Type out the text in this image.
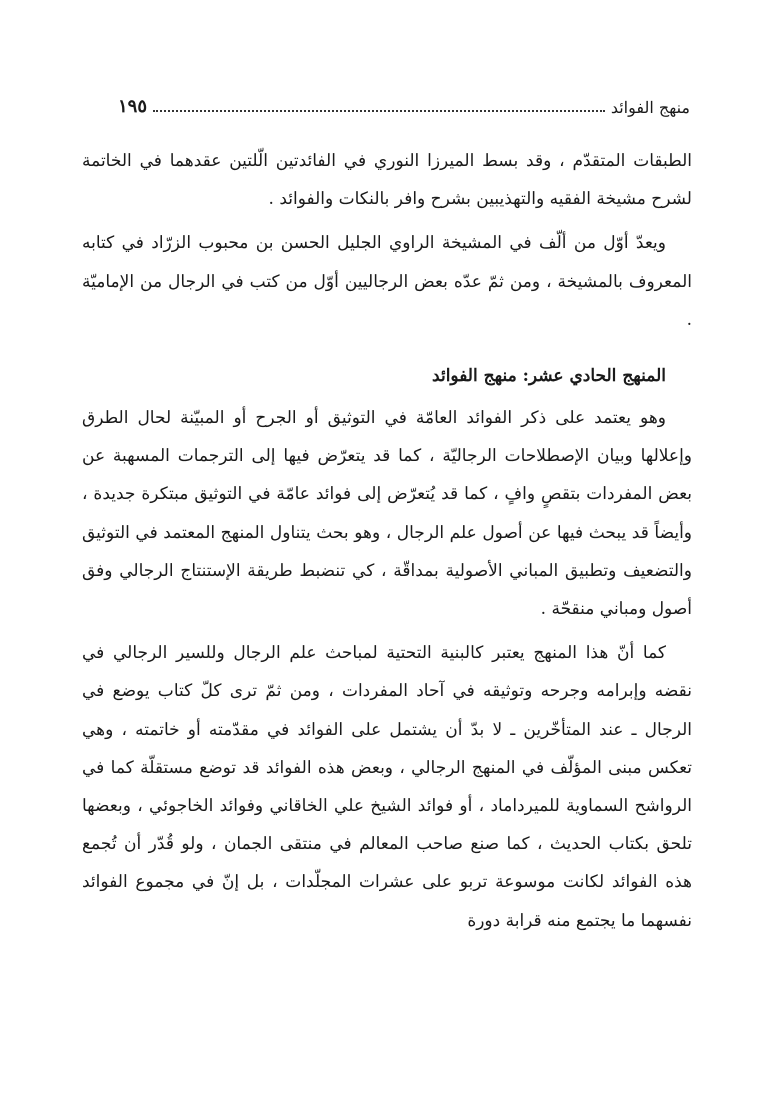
منهج الفوائد
١٩٥

الطبقات المتقدّم ، وقد بسط الميرزا النوري في الفائدتين الّلتين عقدهما في الخاتمة لشرح مشيخة الفقيه والتهذيبين بشرح وافر بالنكات والفوائد .

ويعدّ أوّل من ألّف في المشيخة الراوي الجليل الحسن بن محبوب الزرّاد في كتابه المعروف بالمشيخة ، ومن ثمّ عدّه بعض الرجاليين أوّل من كتب في الرجال من الإماميّة .

المنهج الحادي عشر: منهج الفوائد

وهو يعتمد على ذكر الفوائد العامّة في التوثيق أو الجرح أو المبيّنة لحال الطرق وإعلالها وبيان الإصطلاحات الرجاليّة ، كما قد يتعرّض فيها إلى الترجمات المسهبة عن بعض المفردات بتقصٍ وافٍ ، كما قد يُتعرّض إلى فوائد عامّة في التوثيق مبتكرة جديدة ، وأيضاً قد يبحث فيها عن أصول علم الرجال ، وهو بحث يتناول المنهج المعتمد في التوثيق والتضعيف وتطبيق المباني الأصولية بمداقّة ، كي تنضبط طريقة الإستنتاج الرجالي وفق أصول ومباني منقحّة .

كما أنّ هذا المنهج يعتبر كالبنية التحتية لمباحث علم الرجال وللسير الرجالي في نقضه وإبرامه وجرحه وتوثيقه في آحاد المفردات ، ومن ثمّ ترى كلّ كتاب يوضع في الرجال ـ عند المتأخّرين ـ لا بدّ أن يشتمل على الفوائد في مقدّمته أو خاتمته ، وهي تعكس مبنى المؤلّف في المنهج الرجالي ، وبعض هذه الفوائد قد توضع مستقلّة كما في الرواشح السماوية للميرداماد ، أو فوائد الشيخ علي الخاقاني وفوائد الخاجوئي ، وبعضها تلحق بكتاب الحديث ، كما صنع صاحب المعالم في منتقى الجمان ، ولو قُدّر أن تُجمع هذه الفوائد لكانت موسوعة تربو على عشرات المجلّدات ، بل إنّ في مجموع الفوائد نفسهما ما يجتمع منه قرابة دورة
